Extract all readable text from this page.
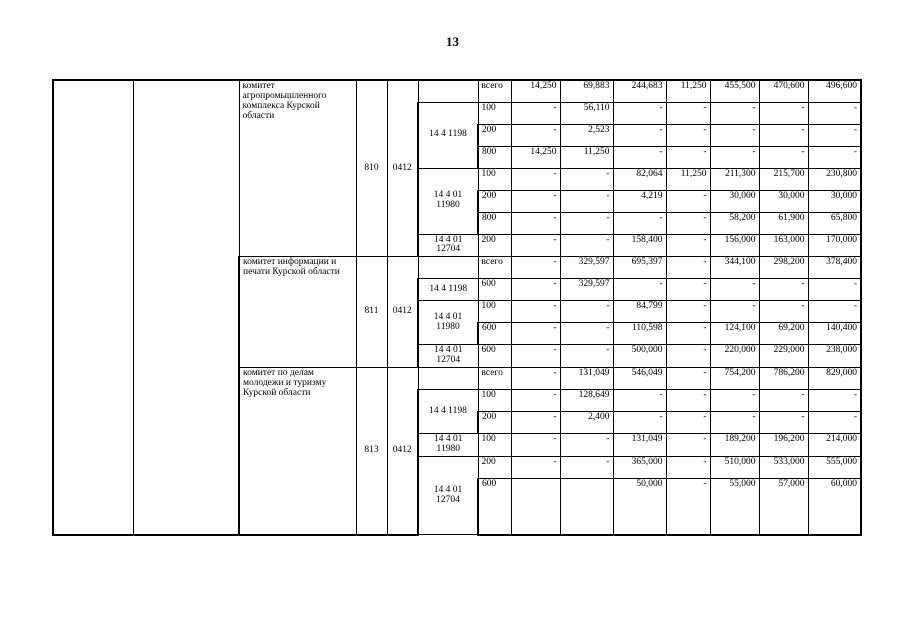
13
		комитет агропромышленного комплекса Курской области	810	0412		всего	14,250	69,883	244,683	11,250	455,500	470,600	496,600
					14 4 1198	100	-	56,110	-	-	-	-	-
						200	-	2,523	-	-	-	-	-
						800	14,250	11,250	-	-	-	-	-
					14 4 01 11980	100	-	-	82,064	11,250	211,300	215,700	230,800
						200	-	-	4,219	-	30,000	30,000	30,000
						800	-	-	-	-	58,200	61,900	65,800
					14 4 01 12704	200	-	-	158,400	-	156,000	163,000	170,000
		комитет информации и печати Курской области	811	0412		всего	-	329,597	695,397	-	344,100	298,200	378,400
					14 4 1198	600	-	329,597	-	-	-	-	-
					14 4 01 11980	100	-	-	84,799	-	-	-	-
						600	-	-	110,598	-	124,100	69,200	140,400
					14 4 01 12704	600	-	-	500,000	-	220,000	229,000	238,000
		комитет по делам молодежи и туризму Курской области	813	0412		всего	-	131,049	546,049	-	754,200	786,200	829,000
					14 4 1198	100	-	128,649	-	-	-	-	-
						200	-	2,400	-	-	-	-	-
					14 4 01 11980	100	-	-	131,049	-	189,200	196,200	214,000
					14 4 01 12704	200	-	-	365,000	-	510,000	533,000	555,000
						600			50,000	-	55,000	57,000	60,000
